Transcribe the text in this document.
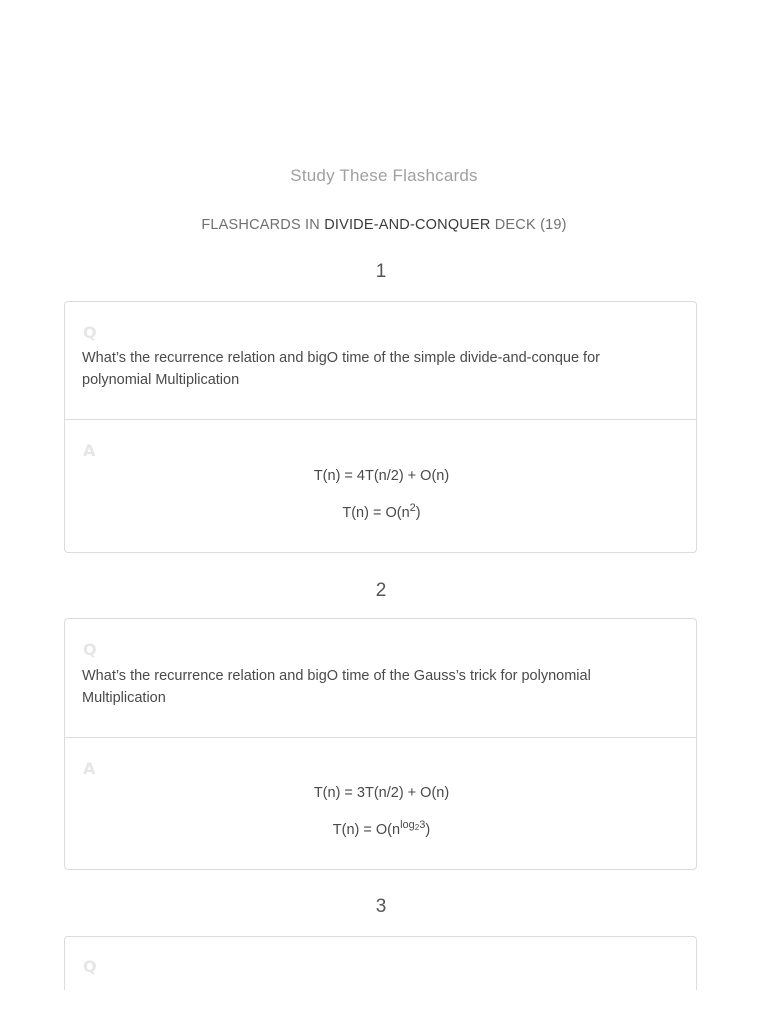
Study These Flashcards
FLASHCARDS IN DIVIDE-AND-CONQUER DECK (19)
1
Q
What’s the recurrence relation and bigO time of the simple divide-and-conque for polynomial Multiplication
A
T(n) = 4T(n/2) + O(n)
$T(n) = O(n^2)$
2
Q
What’s the recurrence relation and bigO time of the Gauss’s trick for polynomial Multiplication
A
T(n) = 3T(n/2) + O(n)
$T(n) = O(n^{log_23})$
3
Q
